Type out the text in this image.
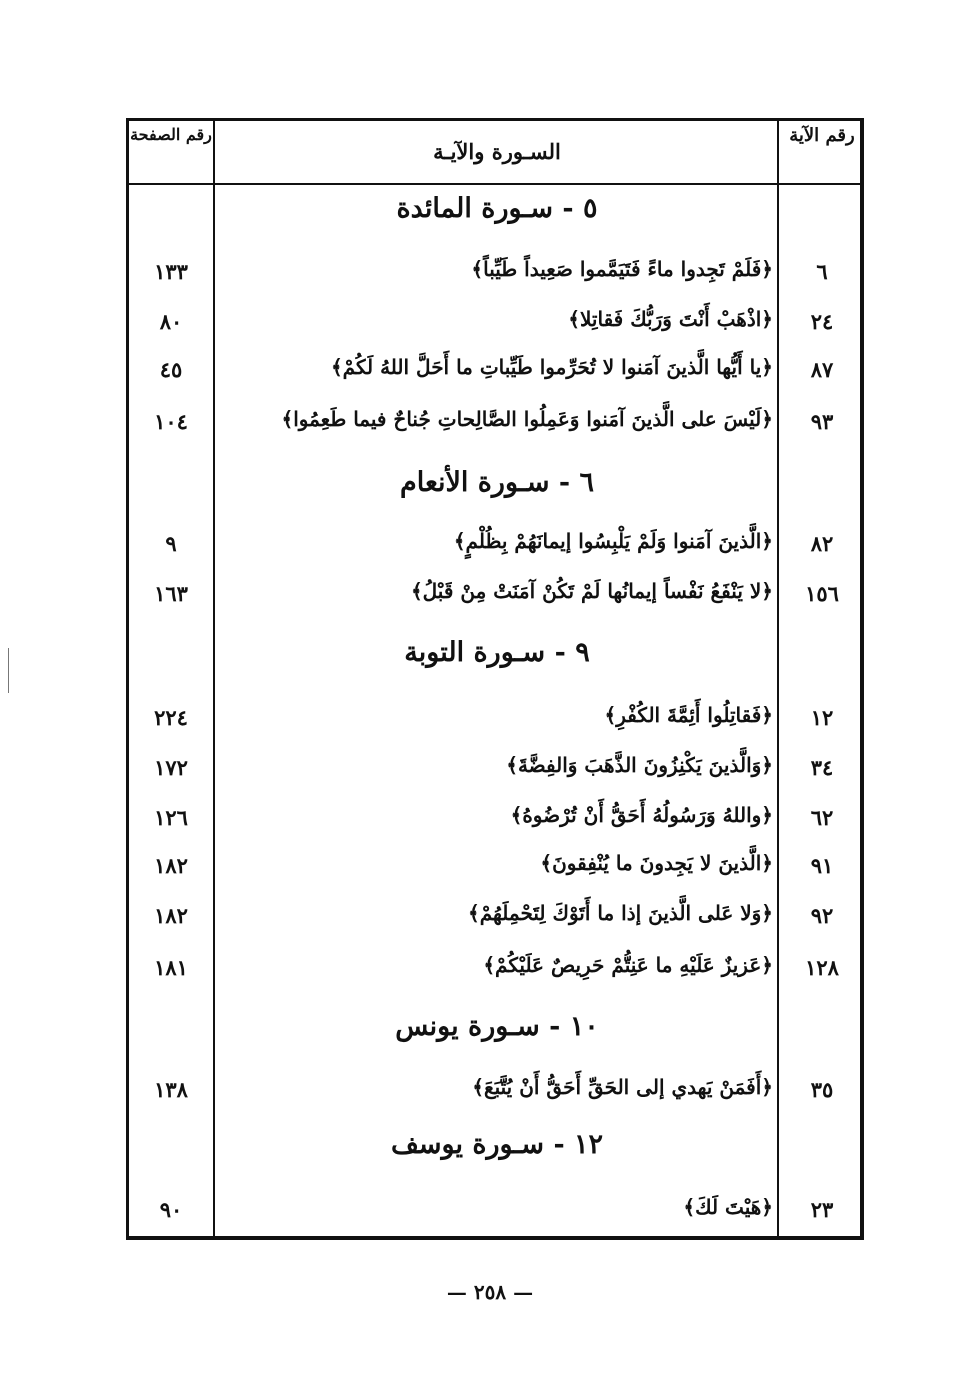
رقم الصفحة
السـورة والآيـة
رقم الآية
٥ - سـورة المائدة
٦
﴿فَلَمْ تَجِدوا ماءً فَتَيَمَّموا صَعِيداً طَيِّباً﴾
١٣٣
٢٤
﴿اذْهَبْ أَنْتَ وَرَبُّكَ فَقاتِلا﴾
٨٠
٨٧
﴿يا أَيُّها الَّذينَ آمَنوا لا تُحَرِّموا طَيِّباتِ ما أَحَلَّ اللهُ لَكُمْ﴾
٤٥
٩٣
﴿لَيْسَ على الَّذينَ آمَنوا وَعَمِلُوا الصَّالِحاتِ جُناحٌ فيما طَعِمُوا﴾
١٠٤
٦ - سـورة الأنعام
٨٢
﴿الَّذينَ آمَنوا وَلَمْ يَلْبِسُوا إيمانَهُمْ بِظُلْمٍ﴾
٩
١٥٦
﴿لا يَنْفَعُ نَفْساً إيمانُها لَمْ تَكُنْ آمَنَتْ مِنْ قَبْلُ﴾
١٦٣
٩ - سـورة التوبة
١٢
﴿فَقاتِلُوا أَئِمَّةَ الكُفْرِ﴾
٢٢٤
٣٤
﴿وَالَّذينَ يَكْنِزُونَ الذَّهَبَ وَالفِضَّةَ﴾
١٧٢
٦٢
﴿واللهُ وَرَسُولُهُ أَحَقُّ أَنْ تُرْضُوهُ﴾
١٢٦
٩١
﴿الَّذينَ لا يَجِدونَ ما يُنْفِقونَ﴾
١٨٢
٩٢
﴿وَلا عَلى الَّذينَ إذا ما أَتَوْكَ لِتَحْمِلَهُمْ﴾
١٨٢
١٢٨
﴿عَزيزٌ عَلَيْهِ ما عَنِتُّمْ حَرِيصٌ عَلَيْكُمْ﴾
١٨١
١٠ - سـورة يونس
٣٥
﴿أَفَمَنْ يَهدي إلى الحَقِّ أَحَقُّ أَنْ يُتَّبَعَ﴾
١٣٨
١٢ - سـورة يوسف
٢٣
﴿هَيْتَ لَكَ﴾
٩٠
— ٢٥٨ —
